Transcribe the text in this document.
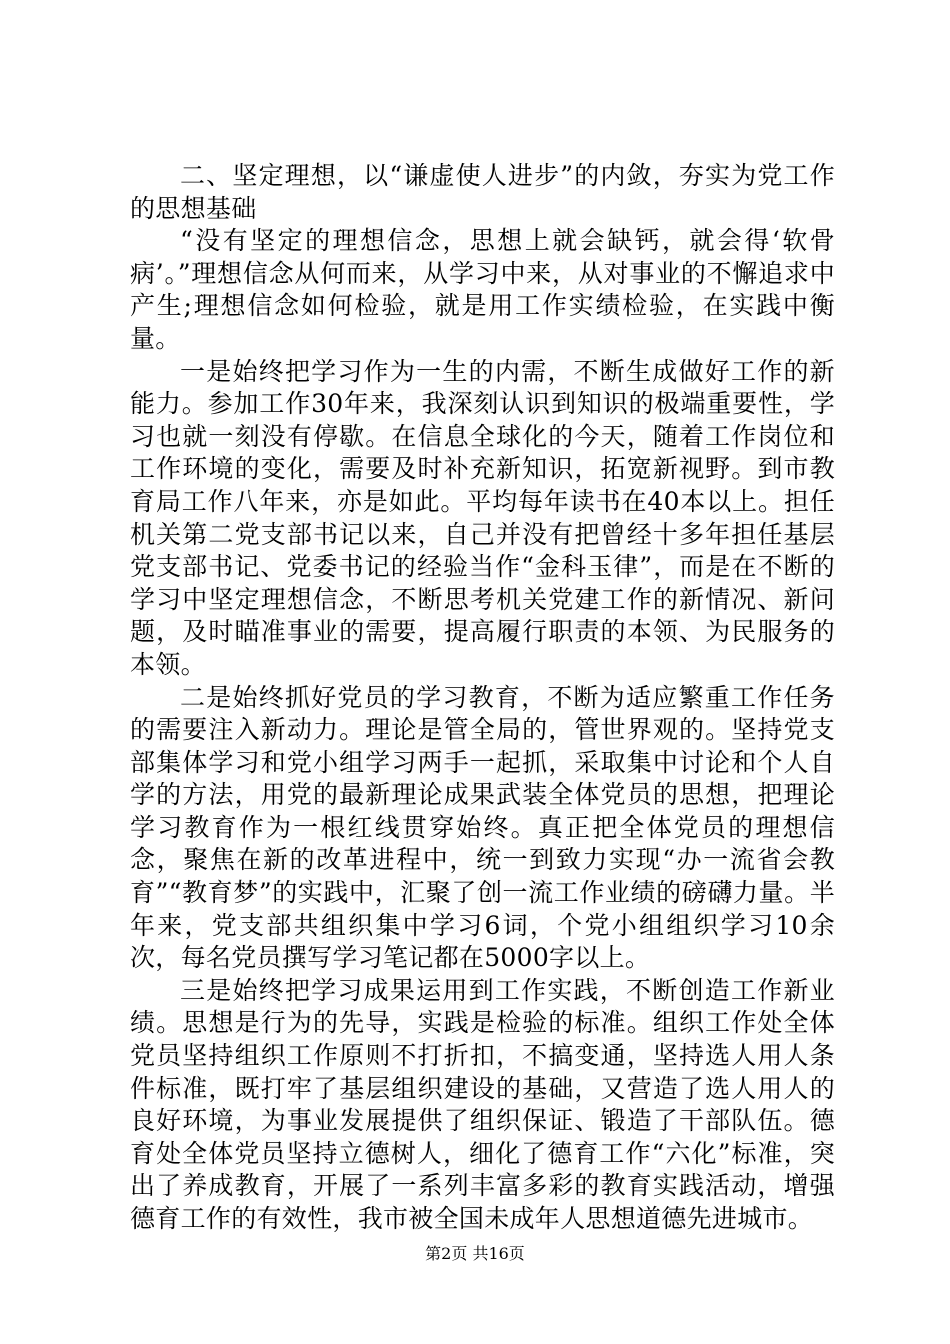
二、坚定理想，以“谦虚使人进步”的内敛，夯实为党工作的思想基础

“没有坚定的理想信念，思想上就会缺钙，就会得‘软骨病’。”理想信念从何而来，从学习中来，从对事业的不懈追求中产生;理想信念如何检验，就是用工作实绩检验，在实践中衡量。

一是始终把学习作为一生的内需，不断生成做好工作的新能力。参加工作30年来，我深刻认识到知识的极端重要性，学习也就一刻没有停歇。在信息全球化的今天，随着工作岗位和工作环境的变化，需要及时补充新知识，拓宽新视野。到市教育局工作八年来，亦是如此。平均每年读书在40本以上。担任机关第二党支部书记以来，自己并没有把曾经十多年担任基层党支部书记、党委书记的经验当作“金科玉律”，而是在不断的学习中坚定理想信念，不断思考机关党建工作的新情况、新问题，及时瞄准事业的需要，提高履行职责的本领、为民服务的本领。

二是始终抓好党员的学习教育，不断为适应繁重工作任务的需要注入新动力。理论是管全局的，管世界观的。坚持党支部集体学习和党小组学习两手一起抓，采取集中讨论和个人自学的方法，用党的最新理论成果武装全体党员的思想，把理论学习教育作为一根红线贯穿始终。真正把全体党员的理想信念，聚焦在新的改革进程中，统一到致力实现“办一流省会教育”“教育梦”的实践中，汇聚了创一流工作业绩的磅礴力量。半年来，党支部共组织集中学习6词，个党小组组织学习10余次，每名党员撰写学习笔记都在5000字以上。

三是始终把学习成果运用到工作实践，不断创造工作新业绩。思想是行为的先导，实践是检验的标准。组织工作处全体党员坚持组织工作原则不打折扣，不搞变通，坚持选人用人条件标准，既打牢了基层组织建设的基础，又营造了选人用人的良好环境，为事业发展提供了组织保证、锻造了干部队伍。德育处全体党员坚持立德树人，细化了德育工作“六化”标准，突出了养成教育，开展了一系列丰富多彩的教育实践活动，增强德育工作的有效性，我市被全国未成年人思想道德先进城市。

第2页 共16页
